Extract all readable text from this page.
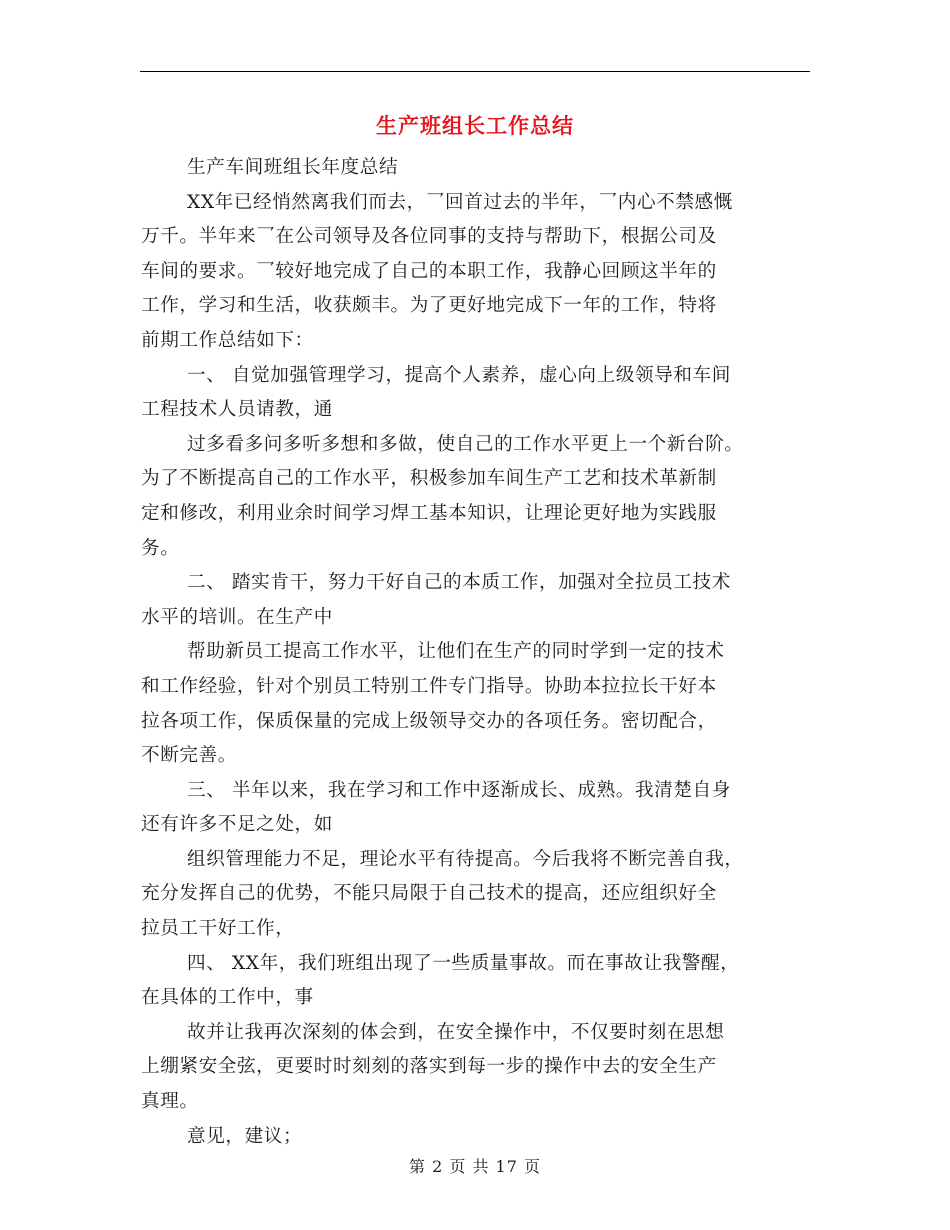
生产班组长工作总结
生产车间班组长年度总结
XX年已经悄然离我们而去，乛回首过去的半年，乛内心不禁感慨
万千。半年来乛在公司领导及各位同事的支持与帮助下，根据公司及
车间的要求。乛较好地完成了自己的本职工作，我静心回顾这半年的
工作，学习和生活，收获颇丰。为了更好地完成下一年的工作，特将
前期工作总结如下：
一、 自觉加强管理学习，提高个人素养，虚心向上级领导和车间
工程技术人员请教，通
过多看多问多听多想和多做，使自己的工作水平更上一个新台阶。
为了不断提高自己的工作水平，积极参加车间生产工艺和技术革新制
定和修改，利用业余时间学习焊工基本知识，让理论更好地为实践服
务。
二、 踏实肯干，努力干好自己的本质工作，加强对全拉员工技术
水平的培训。在生产中
帮助新员工提高工作水平，让他们在生产的同时学到一定的技术
和工作经验，针对个别员工特别工件专门指导。协助本拉拉长干好本
拉各项工作，保质保量的完成上级领导交办的各项任务。密切配合，
不断完善。
三、 半年以来，我在学习和工作中逐渐成长、成熟。我清楚自身
还有许多不足之处，如
组织管理能力不足，理论水平有待提高。今后我将不断完善自我，
充分发挥自己的优势，不能只局限于自己技术的提高，还应组织好全
拉员工干好工作，
四、 XX年，我们班组出现了一些质量事故。而在事故让我警醒，
在具体的工作中，事
故并让我再次深刻的体会到，在安全操作中，不仅要时刻在思想
上绷紧安全弦，更要时时刻刻的落实到每一步的操作中去的安全生产
真理。
意见，建议；
第 2 页 共 17 页
